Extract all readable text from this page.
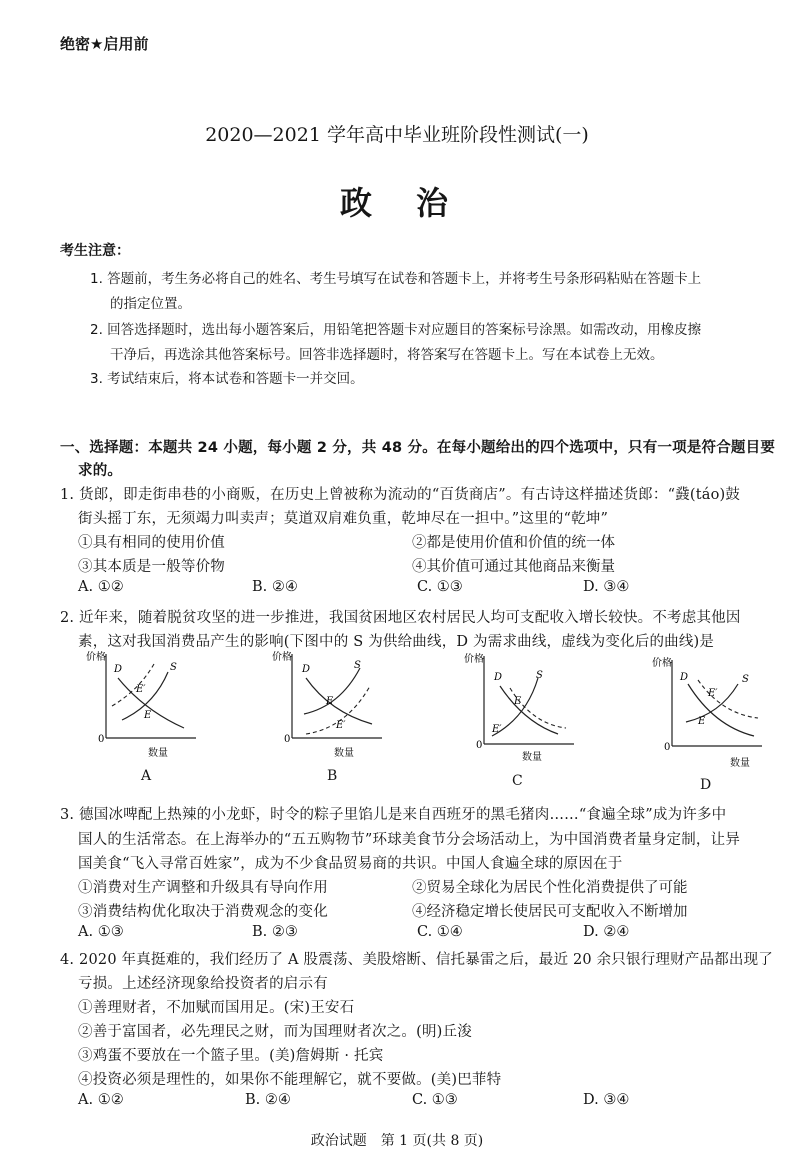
绝密★启用前
2020—2021 学年高中毕业班阶段性测试(一)
政　治
考生注意：
1. 答题前，考生务必将自己的姓名、考生号填写在试卷和答题卡上，并将考生号条形码粘贴在答题卡上
的指定位置。
2. 回答选择题时，选出每小题答案后，用铅笔把答题卡对应题目的答案标号涂黑。如需改动，用橡皮擦
干净后，再选涂其他答案标号。回答非选择题时，将答案写在答题卡上。写在本试卷上无效。
3. 考试结束后，将本试卷和答题卡一并交回。
一、选择题：本题共 24 小题，每小题 2 分，共 48 分。在每小题给出的四个选项中，只有一项是符合题目要
求的。
1. 货郎，即走街串巷的小商贩，在历史上曾被称为流动的“百货商店”。有古诗这样描述货郎：“鼗(táo)鼓
街头摇丁东，无须竭力叫卖声；莫道双肩难负重，乾坤尽在一担中。”这里的“乾坤”
①具有相同的使用价值	②都是使用价值和价值的统一体
③其本质是一般等价物	④其价值可通过其他商品来衡量
A. ①②	B. ②④	C. ①③	D. ③④
2. 近年来，随着脱贫攻坚的进一步推进，我国贫困地区农村居民人均可支配收入增长较快。不考虑其他因
素，这对我国消费品产生的影响(下图中的 S 为供给曲线，D 为需求曲线，虚线为变化后的曲线)是
价格
0
数量
D	S
E′
E
A
价格
0
数量
D	S
E
E′
B
价格
0
S
D
E
E′
数量
C
价格
0
D	S
E′
E
数量
D
3. 德国冰啤配上热辣的小龙虾，时令的粽子里馅儿是来自西班牙的黑毛猪肉……“食遍全球”成为许多中
国人的生活常态。在上海举办的“五五购物节”环球美食节分会场活动上，为中国消费者量身定制，让异
国美食“飞入寻常百姓家”，成为不少食品贸易商的共识。中国人食遍全球的原因在于
①消费对生产调整和升级具有导向作用	②贸易全球化为居民个性化消费提供了可能
③消费结构优化取决于消费观念的变化	④经济稳定增长使居民可支配收入不断增加
A. ①③	B. ②③	C. ①④	D. ②④
4. 2020 年真挺难的，我们经历了 A 股震荡、美股熔断、信托暴雷之后，最近 20 余只银行理财产品都出现了
亏损。上述经济现象给投资者的启示有
①善理财者，不加赋而国用足。(宋)王安石
②善于富国者，必先理民之财，而为国理财者次之。(明)丘浚
③鸡蛋不要放在一个篮子里。(美)詹姆斯 · 托宾
④投资必须是理性的，如果你不能理解它，就不要做。(美)巴菲特
A. ①②	B. ②④	C. ①③	D. ③④
政治试题　第 1 页(共 8 页)
